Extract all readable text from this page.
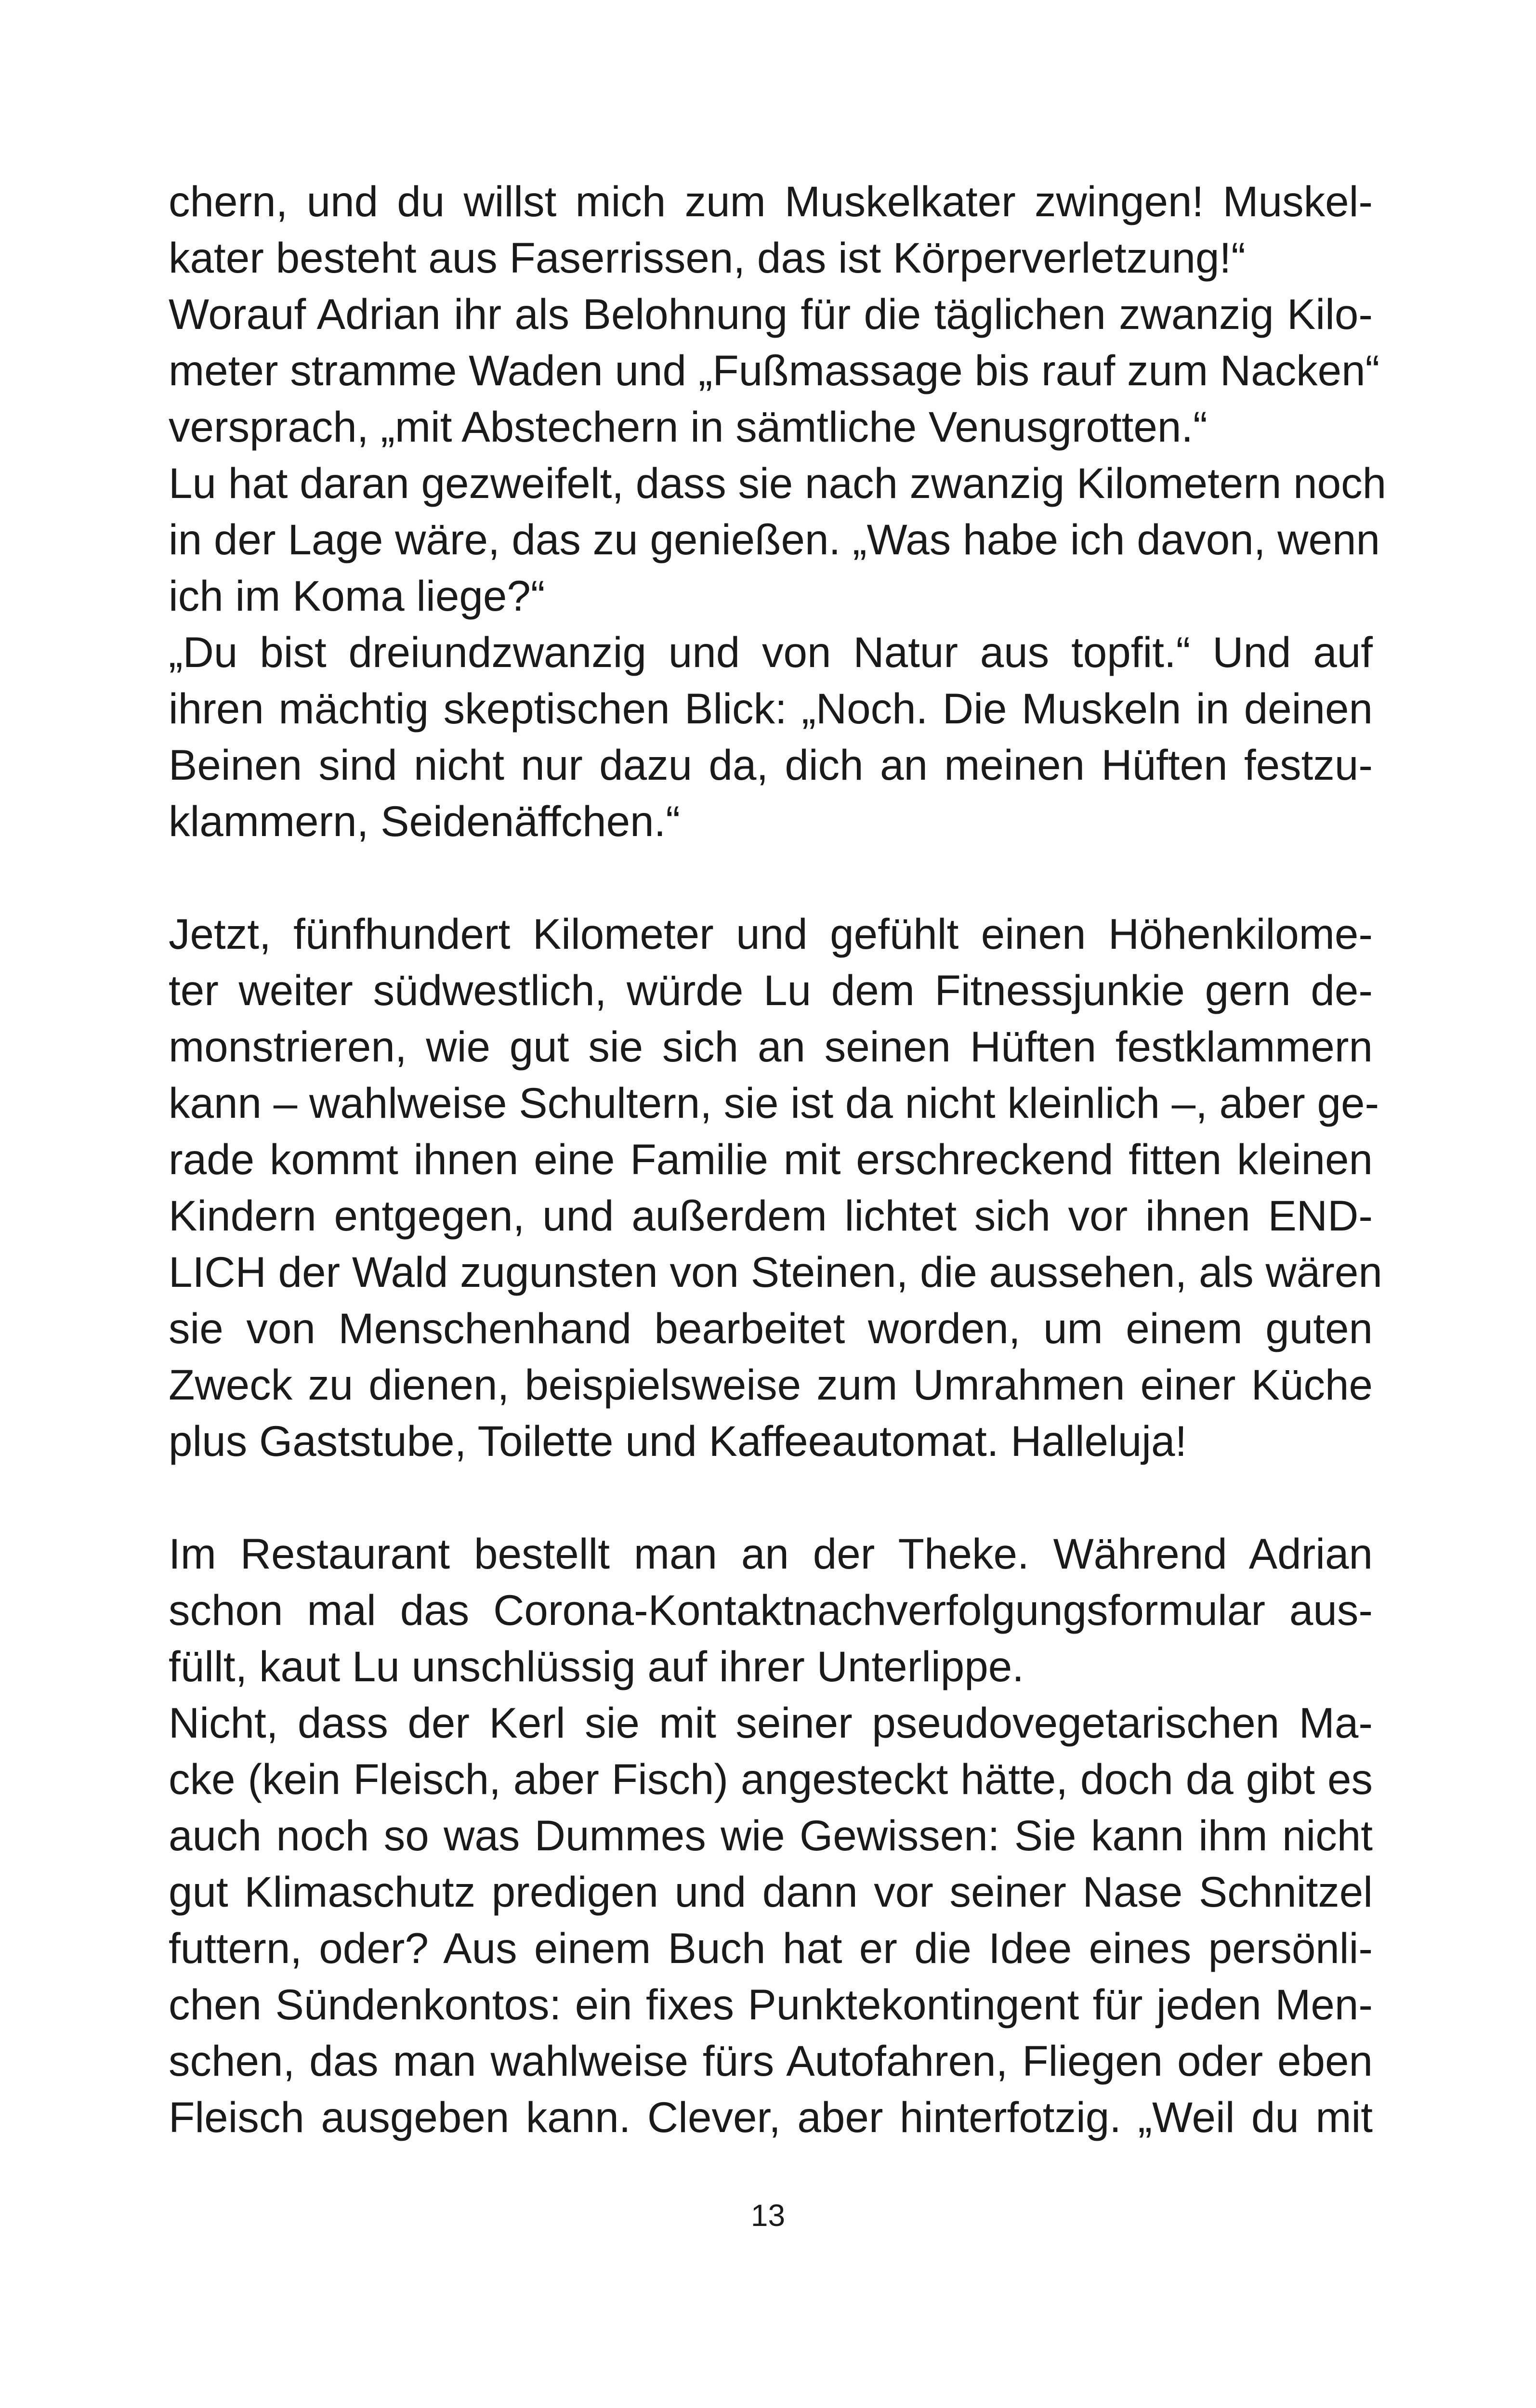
chern, und du willst mich zum Muskelkater zwingen! Muskel-
kater besteht aus Faserrissen, das ist Körperverletzung!“
Worauf Adrian ihr als Belohnung für die täglichen zwanzig Kilo-
meter stramme Waden und „Fußmassage bis rauf zum Nacken“
versprach, „mit Abstechern in sämtliche Venusgrotten.“
Lu hat daran gezweifelt, dass sie nach zwanzig Kilometern noch
in der Lage wäre, das zu genießen. „Was habe ich davon, wenn
ich im Koma liege?“
„Du bist dreiundzwanzig und von Natur aus topfit.“ Und auf
ihren mächtig skeptischen Blick: „Noch. Die Muskeln in deinen
Beinen sind nicht nur dazu da, dich an meinen Hüften festzu-
klammern, Seidenäffchen.“
Jetzt, fünfhundert Kilometer und gefühlt einen Höhenkilome-
ter weiter südwestlich, würde Lu dem Fitnessjunkie gern de-
monstrieren, wie gut sie sich an seinen Hüften festklammern
kann – wahlweise Schultern, sie ist da nicht kleinlich –, aber ge-
rade kommt ihnen eine Familie mit erschreckend fitten kleinen
Kindern entgegen, und außerdem lichtet sich vor ihnen END-
LICH der Wald zugunsten von Steinen, die aussehen, als wären
sie von Menschenhand bearbeitet worden, um einem guten
Zweck zu dienen, beispielsweise zum Umrahmen einer Küche
plus Gaststube, Toilette und Kaffeeautomat. Halleluja!
Im Restaurant bestellt man an der Theke. Während Adrian
schon mal das Corona-Kontaktnachverfolgungsformular aus-
füllt, kaut Lu unschlüssig auf ihrer Unterlippe.
Nicht, dass der Kerl sie mit seiner pseudovegetarischen Ma-
cke (kein Fleisch, aber Fisch) angesteckt hätte, doch da gibt es
auch noch so was Dummes wie Gewissen: Sie kann ihm nicht
gut Klimaschutz predigen und dann vor seiner Nase Schnitzel
futtern, oder? Aus einem Buch hat er die Idee eines persönli-
chen Sündenkontos: ein fixes Punktekontingent für jeden Men-
schen, das man wahlweise fürs Autofahren, Fliegen oder eben
Fleisch ausgeben kann. Clever, aber hinterfotzig. „Weil du mit
13
